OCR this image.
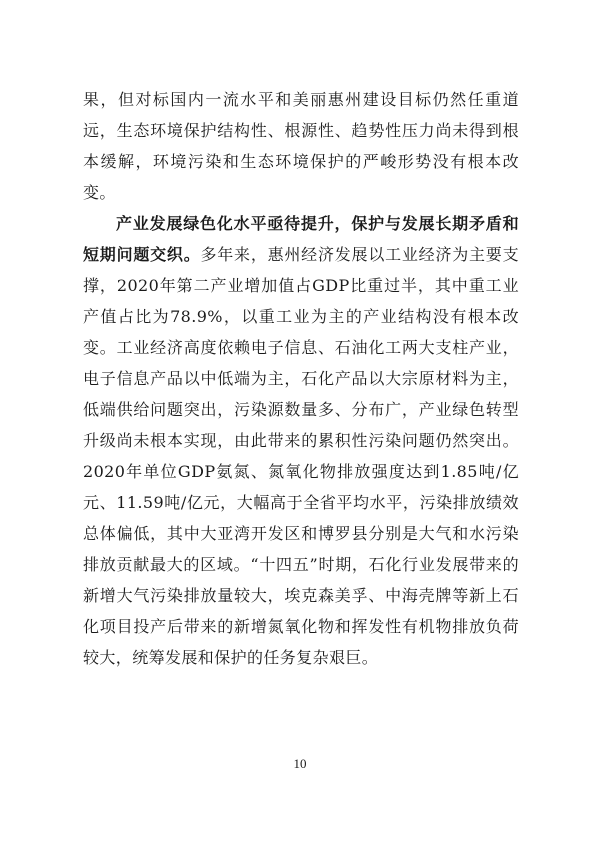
果，但对标国内一流水平和美丽惠州建设目标仍然任重道远，生态环境保护结构性、根源性、趋势性压力尚未得到根本缓解，环境污染和生态环境保护的严峻形势没有根本改变。

产业发展绿色化水平亟待提升，保护与发展长期矛盾和短期问题交织。多年来，惠州经济发展以工业经济为主要支撑，2020年第二产业增加值占GDP比重过半，其中重工业产值占比为78.9%，以重工业为主的产业结构没有根本改变。工业经济高度依赖电子信息、石油化工两大支柱产业，电子信息产品以中低端为主，石化产品以大宗原材料为主，低端供给问题突出，污染源数量多、分布广，产业绿色转型升级尚未根本实现，由此带来的累积性污染问题仍然突出。2020年单位GDP氨氮、氮氧化物排放强度达到1.85吨/亿元、11.59吨/亿元，大幅高于全省平均水平，污染排放绩效总体偏低，其中大亚湾开发区和博罗县分别是大气和水污染排放贡献最大的区域。“十四五”时期，石化行业发展带来的新增大气污染排放量较大，埃克森美孚、中海壳牌等新上石化项目投产后带来的新增氮氧化物和挥发性有机物排放负荷较大，统筹发展和保护的任务复杂艰巨。

10
